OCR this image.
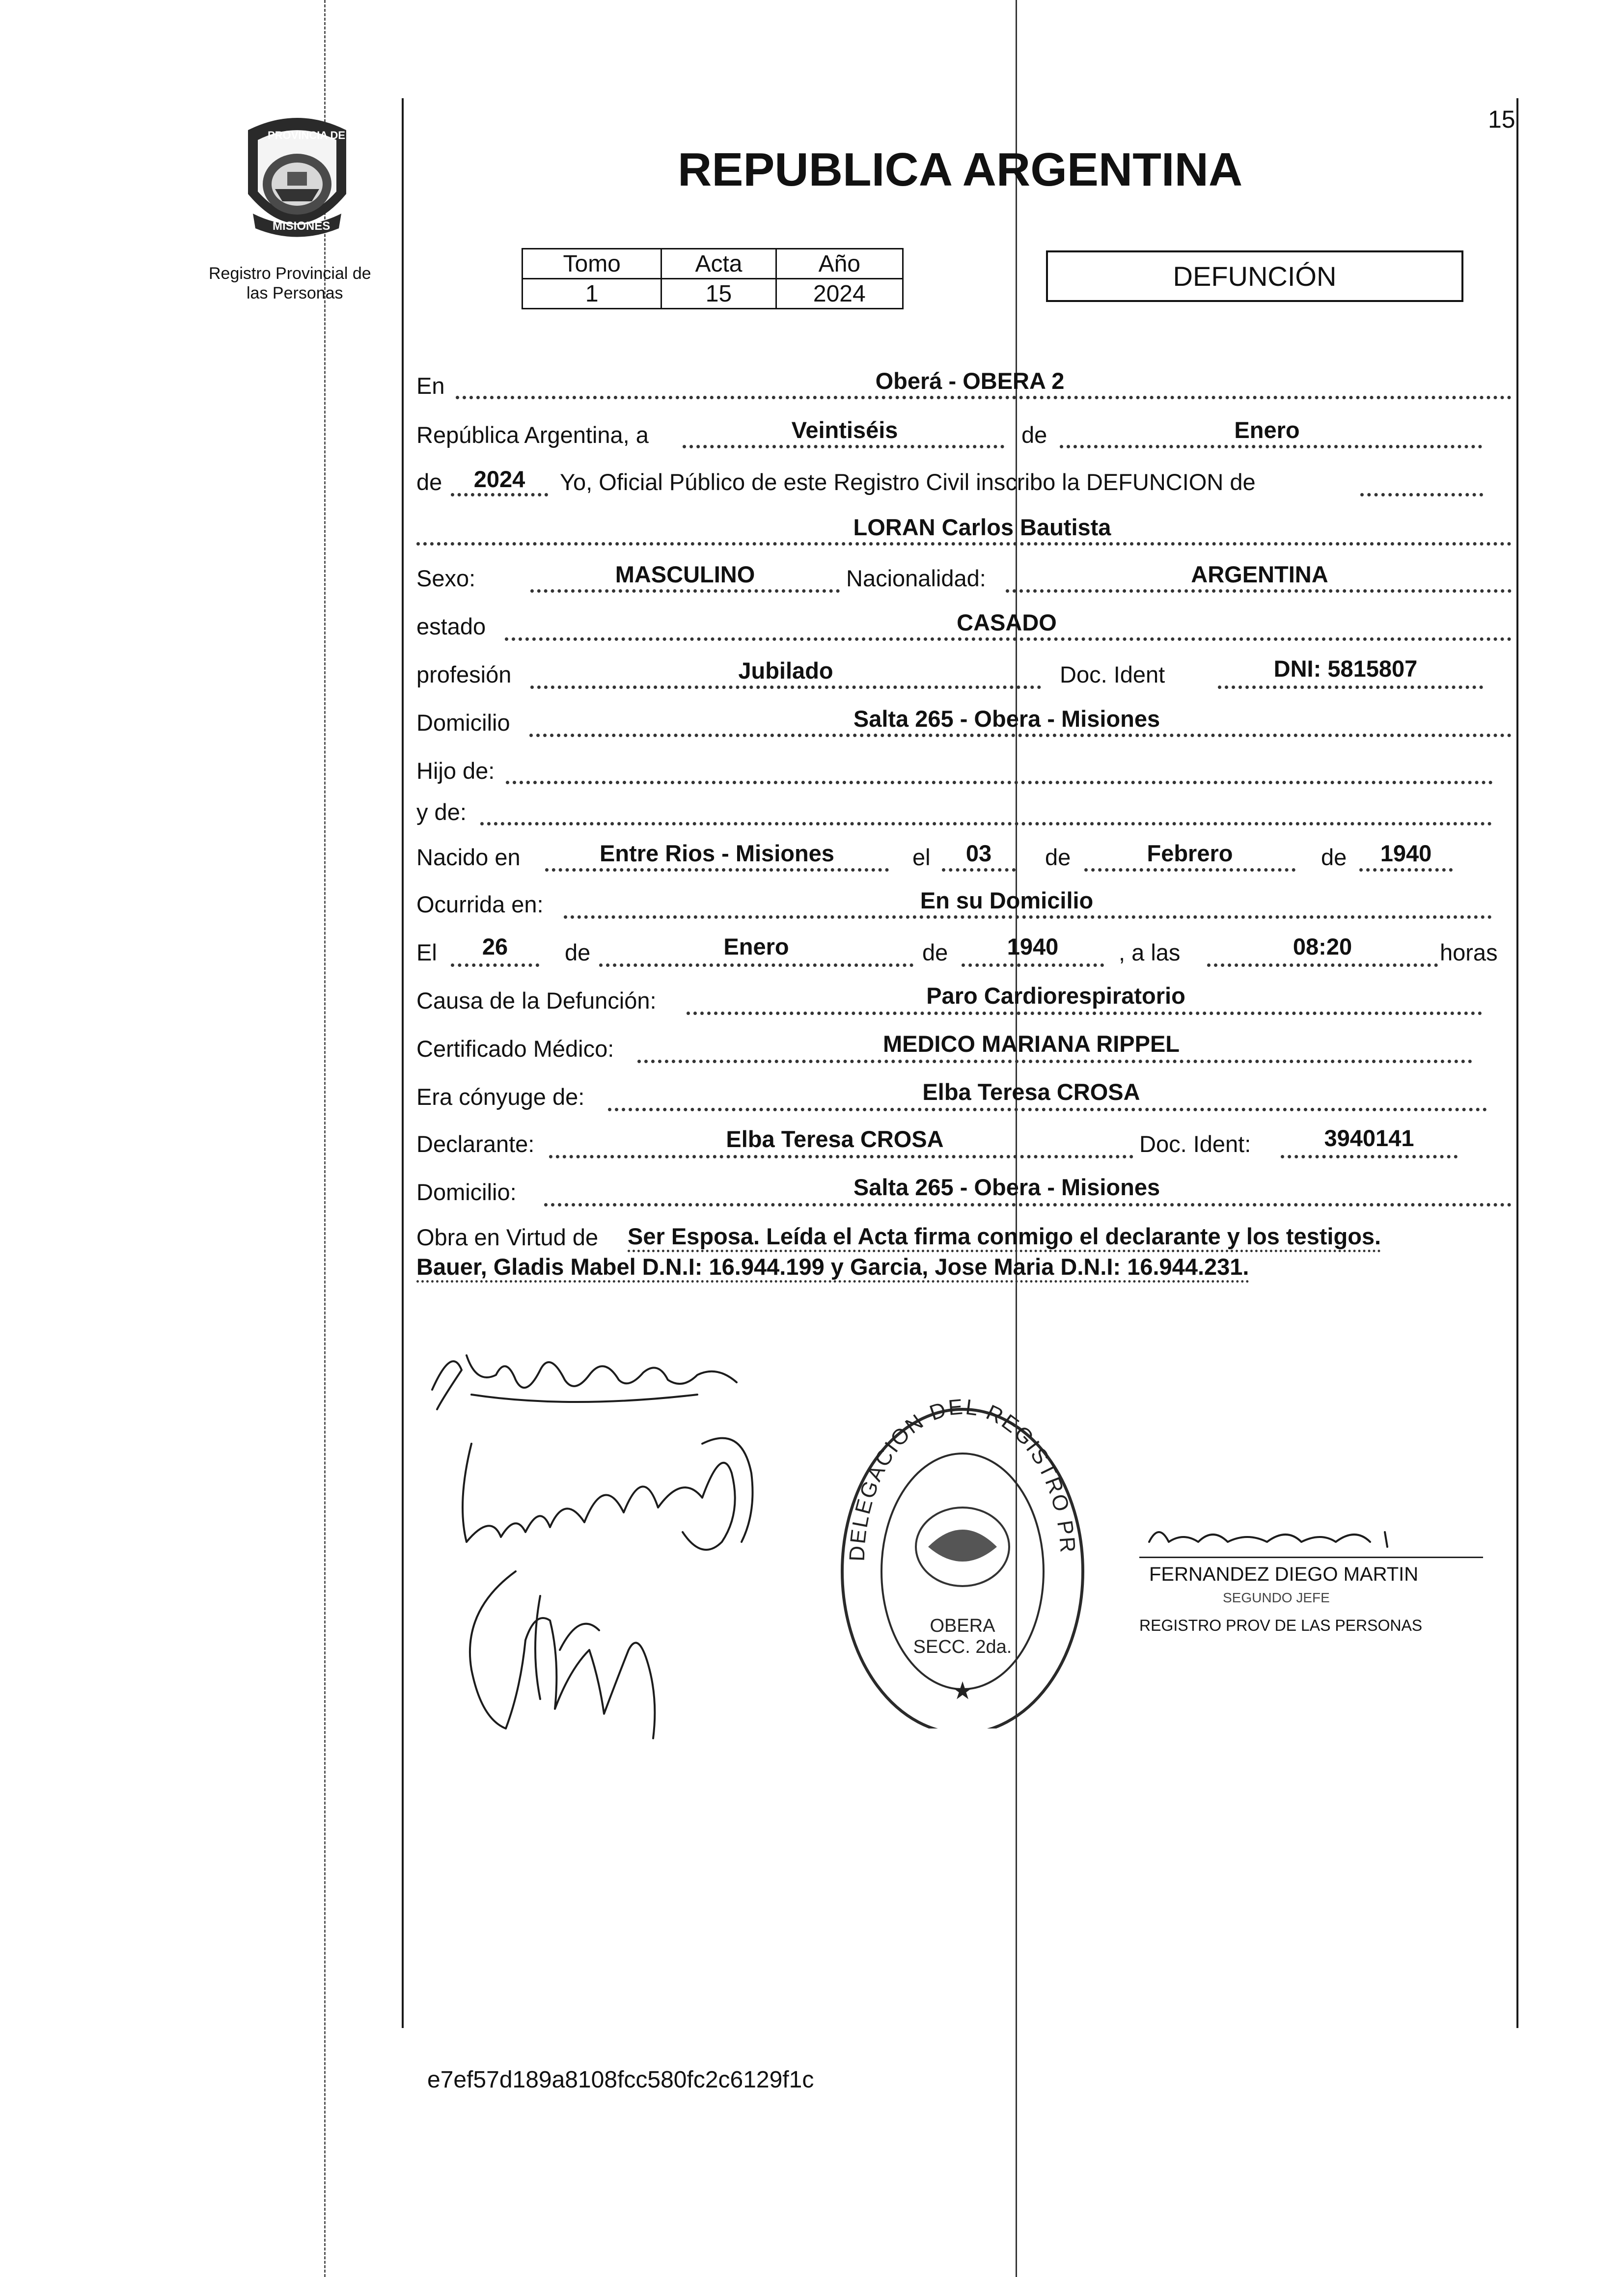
15
PROVINCIA DE
MISIONES
Registro Provincial de
las Personas
REPUBLICA ARGENTINA
Tomo	Acta	Año
1	15	2024
DEFUNCIÓN
En	Oberá - OBERA 2
República Argentina, a	Veintiséis	de	Enero
de	2024	Yo, Oficial Público de este Registro Civil inscribo la DEFUNCION de
LORAN Carlos Bautista
Sexo:	MASCULINO	Nacionalidad:	ARGENTINA
estado	CASADO
profesión	Jubilado	Doc. Ident	DNI: 5815807
Domicilio	Salta 265 - Obera - Misiones
Hijo de:
y de:
Nacido en	Entre Rios - Misiones	el	03	de	Febrero	de	1940
Ocurrida en:	En su Domicilio
El	26	de	Enero	de	1940	, a las	08:20	horas
Causa de la Defunción:	Paro Cardiorespiratorio
Certificado Médico:	MEDICO MARIANA RIPPEL
Era cónyuge de:	Elba Teresa CROSA
Declarante:	Elba Teresa CROSA	Doc. Ident:	3940141
Domicilio:	Salta 265 - Obera - Misiones
Obra en Virtud de Ser Esposa. Leída el Acta firma conmigo el declarante y los testigos.
Bauer, Gladis Mabel D.N.I: 16.944.199 y Garcia, Jose Maria D.N.I: 16.944.231.
DELEGACION DEL REGISTRO PR
★
OBERA SECC. 2da.
FERNANDEZ DIEGO MARTIN
SEGUNDO JEFE
REGISTRO PROV DE LAS PERSONAS
e7ef57d189a8108fcc580fc2c6129f1c
